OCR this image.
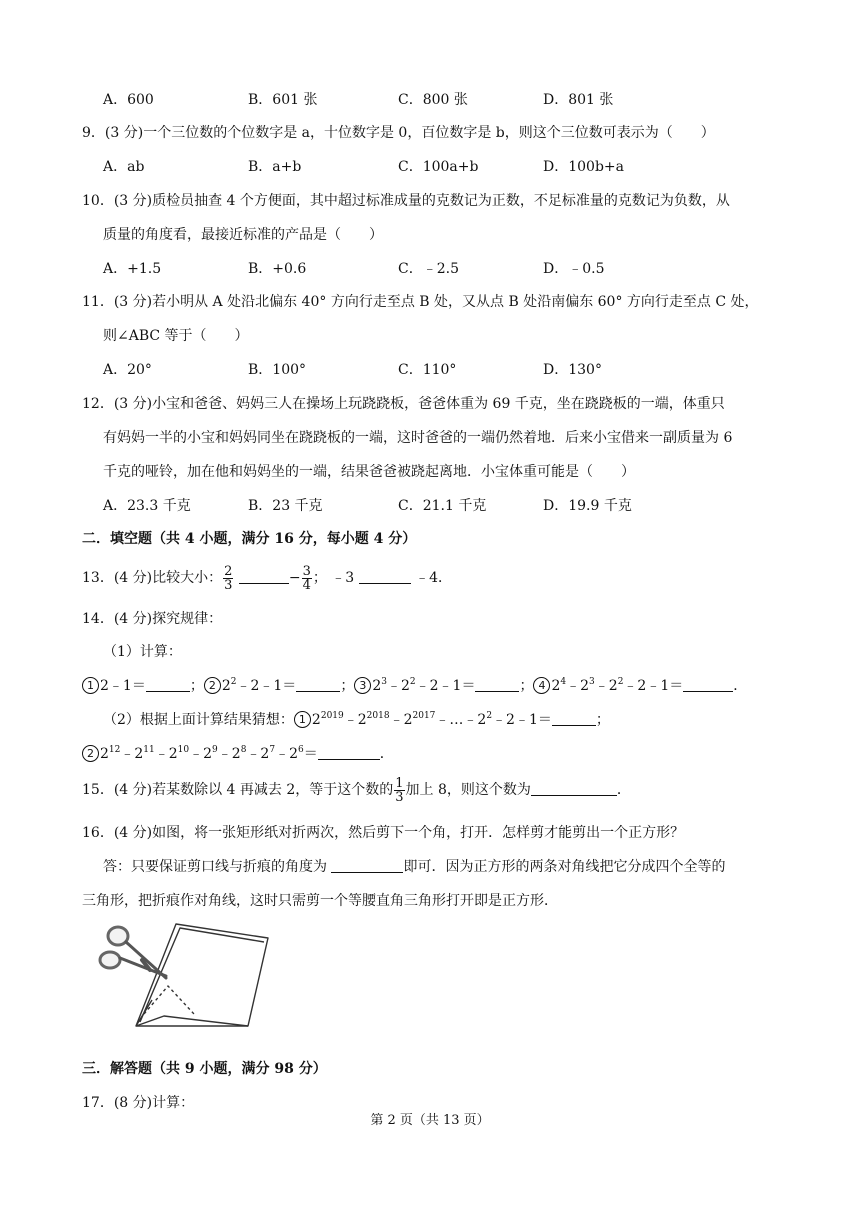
A．600	B．601 张	C．800 张	D．801 张
9．(3 分)一个三位数的个位数字是 a，十位数字是 0，百位数字是 b，则这个三位数可表示为（　　）
A．ab	B．a+b	C．100a+b	D．100b+a
10．(3 分)质检员抽查 4 个方便面，其中超过标准成量的克数记为正数，不足标准量的克数记为负数，从
质量的角度看，最接近标准的产品是（　　）
A．+1.5	B．+0.6	C．﹣2.5	D．﹣0.5
11．(3 分)若小明从 A 处沿北偏东 40° 方向行走至点 B 处，又从点 B 处沿南偏东 60° 方向行走至点 C 处，
则∠ABC 等于（　　）
A．20°	B．100°	C．110°	D．130°
12．(3 分)小宝和爸爸、妈妈三人在操场上玩跷跷板，爸爸体重为 69 千克，坐在跷跷板的一端，体重只
有妈妈一半的小宝和妈妈同坐在跷跷板的一端，这时爸爸的一端仍然着地．后来小宝借来一副质量为 6
千克的哑铃，加在他和妈妈坐的一端，结果爸爸被跷起离地．小宝体重可能是（　　）
A．23.3 千克	B．23 千克	C．21.1 千克	D．19.9 千克
二．填空题（共 4 小题，满分 16 分，每小题 4 分）
13．(4 分)比较大小： $\frac{2}{3}$	− $\frac{3}{4}$ ； ﹣3	﹣4．
14．(4 分)探究规律：
（1）计算：
1 2﹣1＝	； 2 $2^2﹣2﹣1=$	； 3 $2^3﹣2^2﹣2﹣1=$	； 4 $2^4﹣2^3﹣2^2﹣2﹣1=$	．
（2）根据上面计算结果猜想： 1 $2^{2019}﹣2^{2018}﹣2^{2017}﹣\dots﹣2^2﹣2﹣1=$	；
2 $2^{12}﹣2^{11}﹣2^{10}﹣2^9﹣2^8﹣2^7﹣2^6=$	．
15．(4 分)若某数除以 4 再减去 2，等于这个数的 $\frac{1}{3}$ 加上 8，则这个数为	．
16．(4 分)如图，将一张矩形纸对折两次，然后剪下一个角，打开．怎样剪才能剪出一个正方形？
答：只要保证剪口线与折痕的角度为	即可．因为正方形的两条对角线把它分成四个全等的
三角形，把折痕作对角线，这时只需剪一个等腰直角三角形打开即是正方形．
三．解答题（共 9 小题，满分 98 分）
17．(8 分)计算：
第 2 页（共 13 页）
